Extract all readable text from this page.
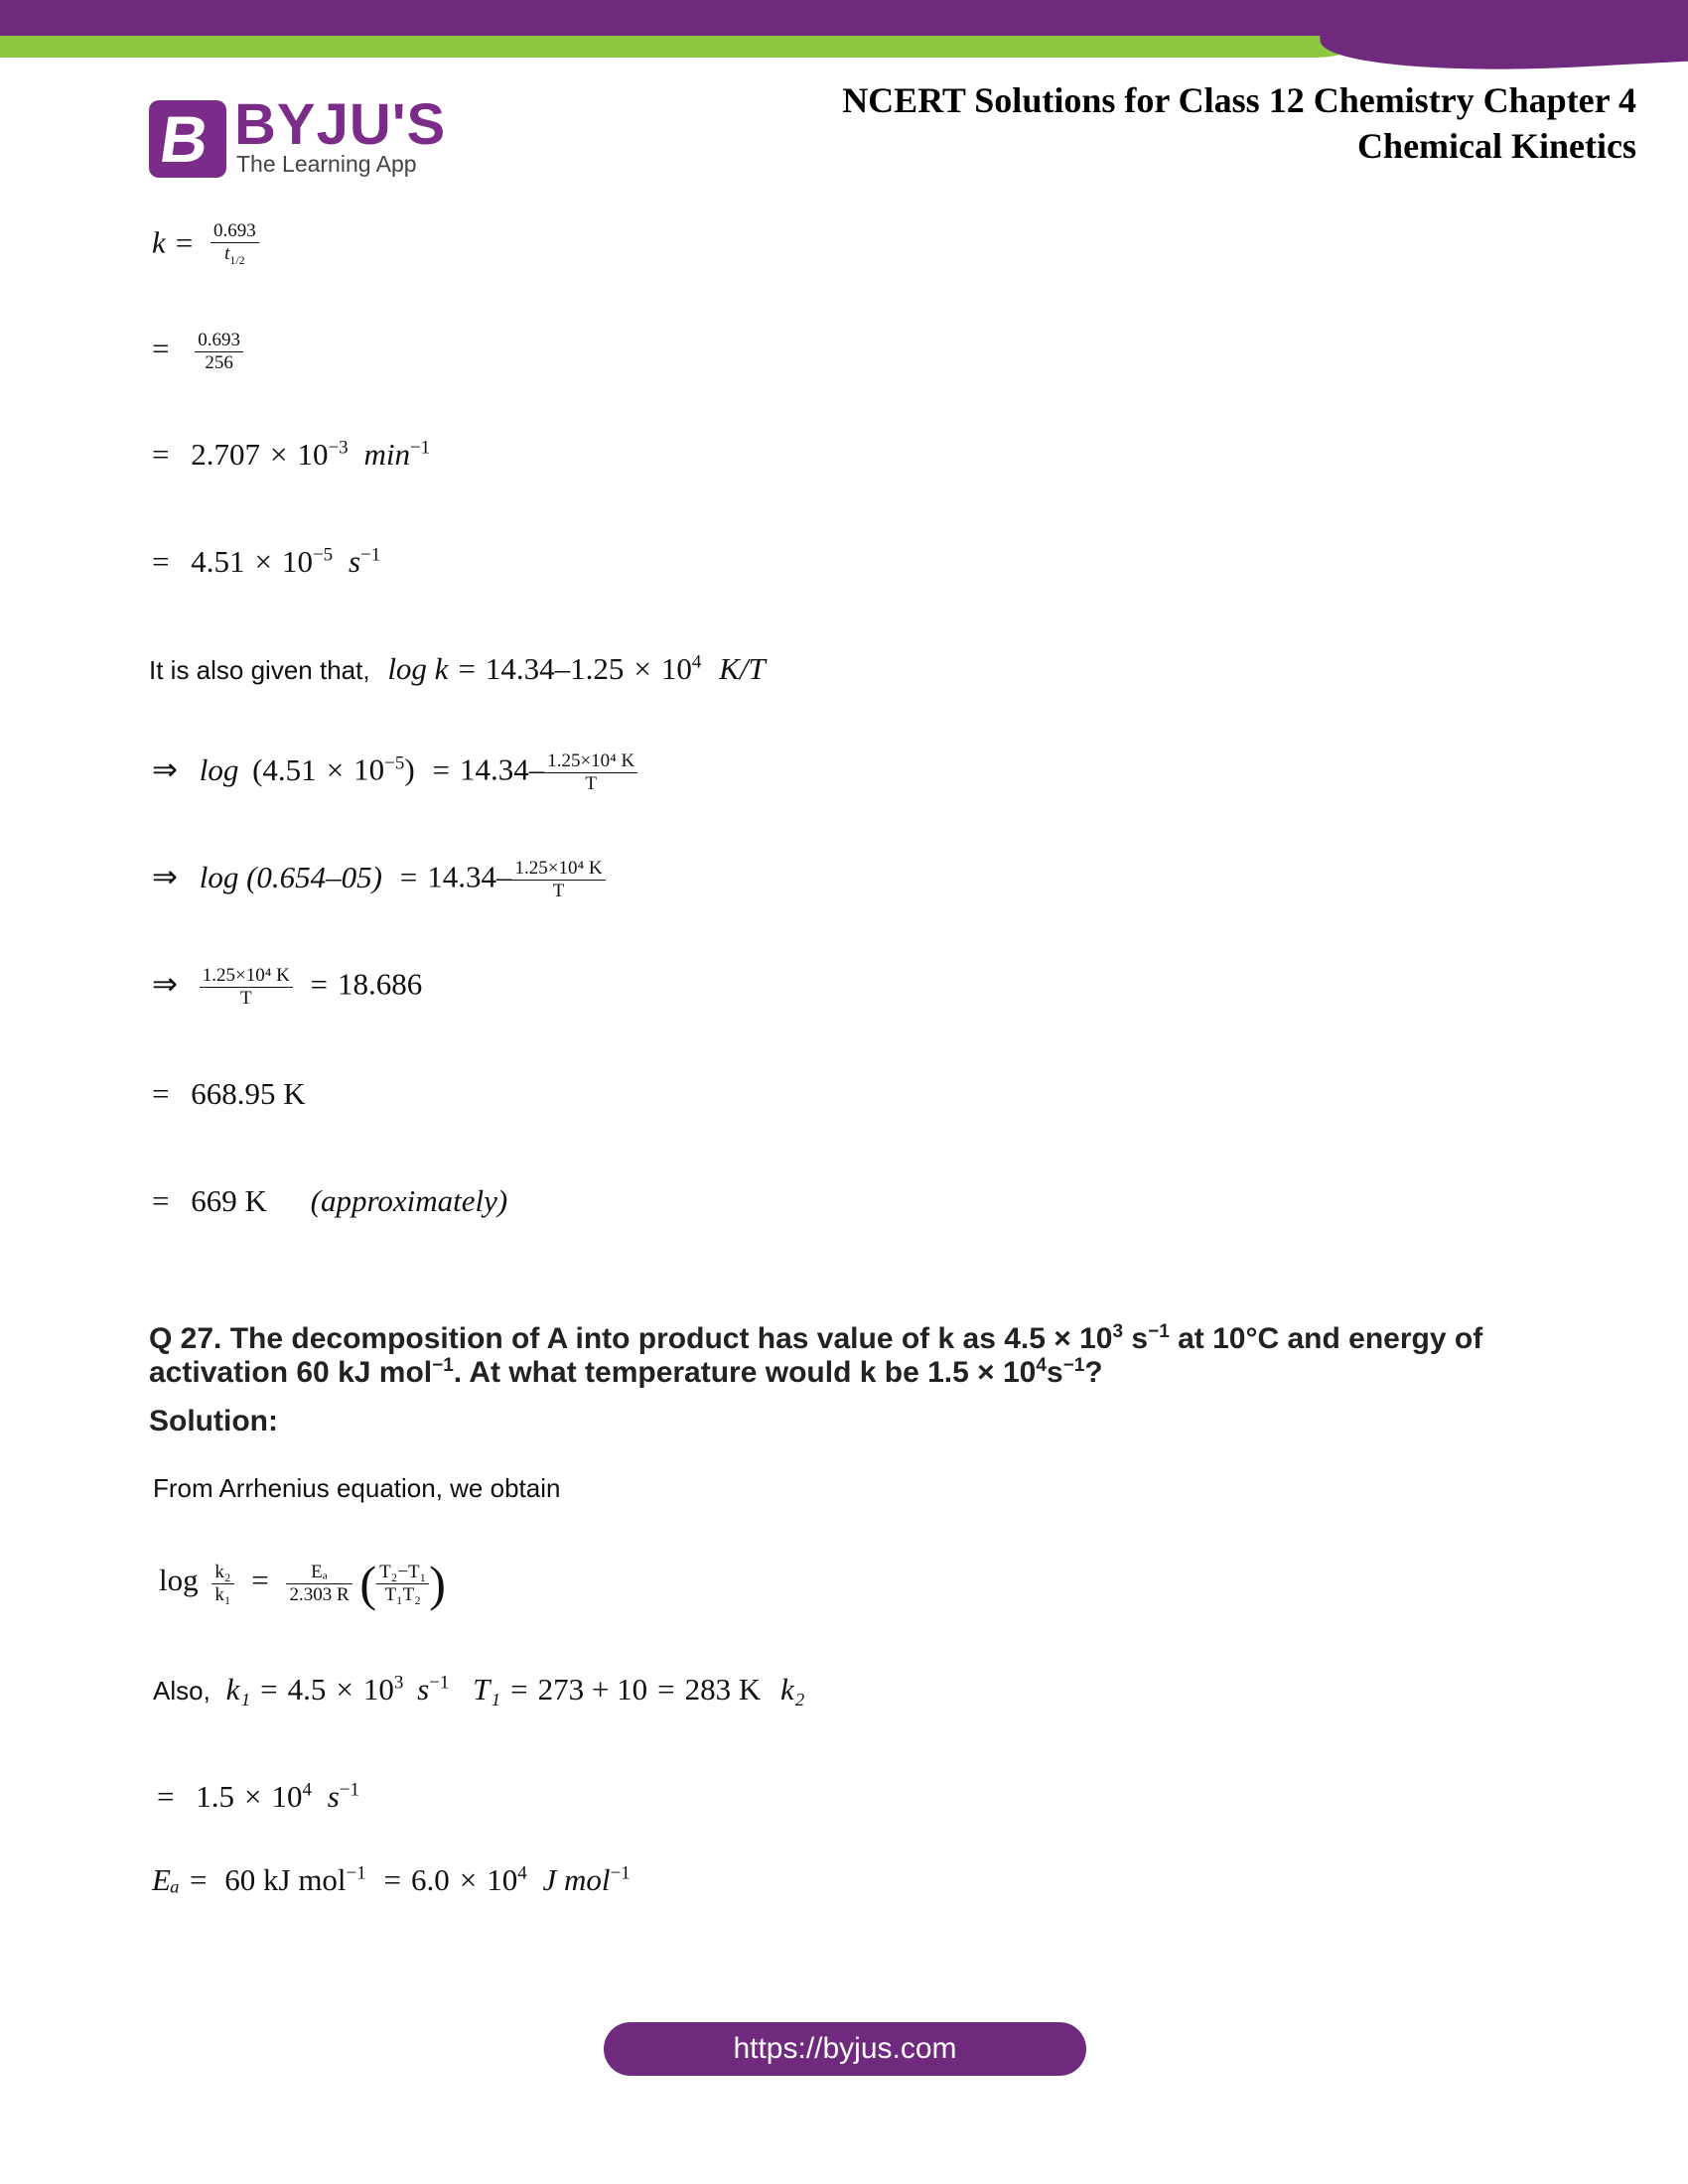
B BYJU'S
The Learning App
NCERT Solutions for Class 12 Chemistry Chapter 4
Chemical Kinetics
$k = \frac{0.693}{t_{1/2}}$
= $\frac{0.693}{256}$
= $2.707 \times 10^{-3}$ $\min^{-1}$
= $4.51 \times 10^{-5}$ $s^{-1}$
It is also given that, $\log k = 14.34-1.25 \times 10^4$ K/T
⇒ $\log (4.51 \times 10^{-5}) = 14.34- \frac{\text{1.25×10⁴ K}}{T}$
⇒ $\log (0.654-05) = 14.34- \frac{\text{1.25×10⁴ K}}{T}$
⇒ $\frac{\text{1.25×10⁴ K}}{T} = 18.686$
= 668.95 K
= 669 K (approximately)
Q 27. The decomposition of A into product has value of k as $4.5 \times 10^3$ $s^{-1}$ at 10°C and energy of
activation 60 kJ mol$^{-1}$. At what temperature would k be $1.5 \times 10^4s^{-1}$?
Solution:
From Arrhenius equation, we obtain
$\log \frac{\text{k₂}}{\text{k₁}} = \frac{\text{Eₐ}}{2.303 R}$ ( $\frac{\text{T₂−T₁}}{\text{T₁T₂}}$ )
Also, $k_1 = 4.5 \times 10^3$ $s^{-1}$ T₁ = 273 + 10 = 283 K k₂
= $1.5 \times 10^4$ $s^{-1}$
Eₐ = 60 kJ $mol^{-1} = 6.0 \times 10^4$ J mol$^{-1}$
https://byjus.com
